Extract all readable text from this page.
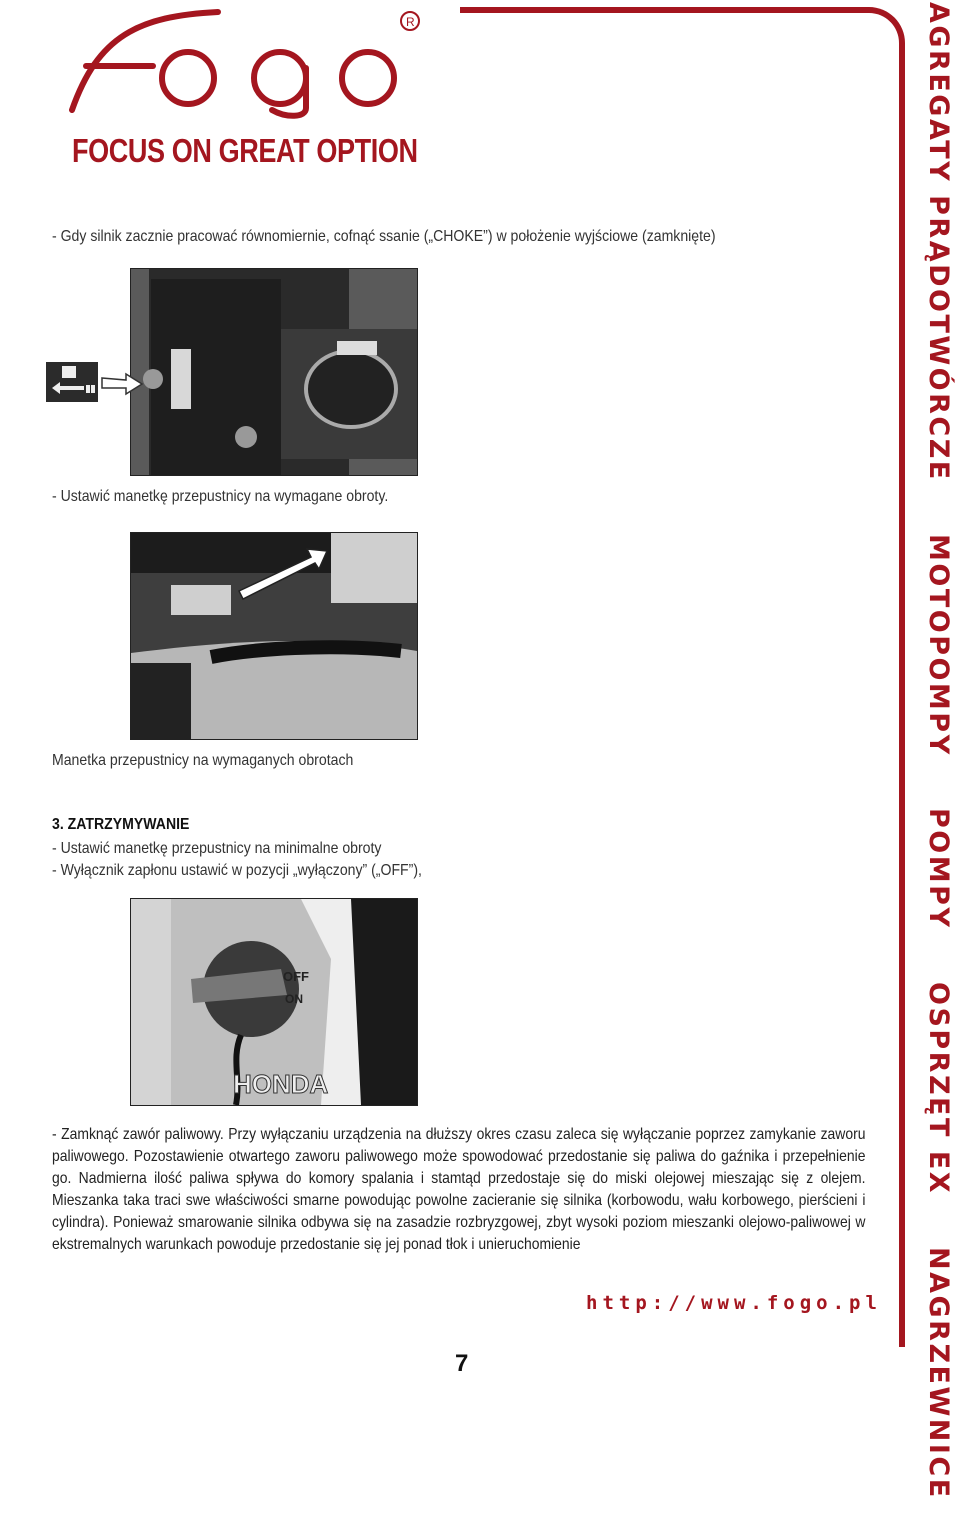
R
FOCUS ON GREAT OPTION
- Gdy silnik zacznie pracować równomiernie, cofnąć ssanie („CHOKE”) w położenie wyjściowe (zamknięte)
- Ustawić manetkę przepustnicy na wymagane obroty.
Manetka przepustnicy na wymaganych obrotach
3. ZATRZYMYWANIE
- Ustawić manetkę przepustnicy na minimalne obroty
- Wyłącznik zapłonu ustawić w pozycji „wyłączony” („OFF”),
OFF
ON
HONDA
- Zamknąć zawór paliwowy. Przy wyłączaniu urządzenia na dłuższy okres czasu zaleca się wyłączanie poprzez zamykanie zaworu paliwowego. Pozostawienie otwartego zaworu paliwowego może spowodować przedostanie się paliwa do gaźnika i przepełnienie go. Nadmierna ilość paliwa spływa do komory spalania i stamtąd przedostaje się do miski olejowej mieszając się z olejem. Mieszanka taka traci swe właściwości smarne powodując powolne zacieranie się silnika (korbowodu, wału korbowego, pierścieni i cylindra). Ponieważ smarowanie silnika odbywa się na zasadzie rozbryzgowej, zbyt wysoki poziom mieszanki olejowo-paliwowej w ekstremalnych warunkach powoduje przedostanie się jej ponad tłok i unieruchomienie
http://www.fogo.pl
7
AGREGATY PRĄDOTWÓRCZE MOTOPOMPY POMPY OSPRZĘT EX NAGRZEWNICE
